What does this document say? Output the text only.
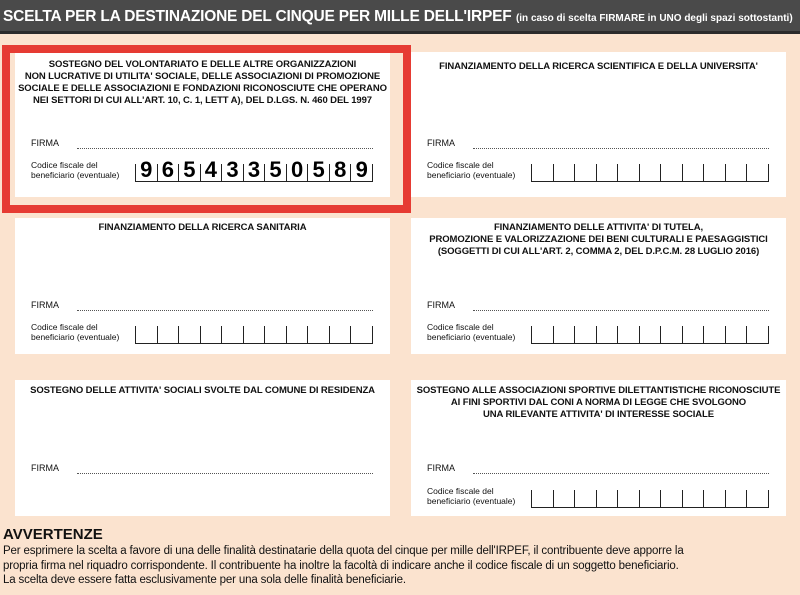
SCELTA PER LA DESTINAZIONE DEL CINQUE PER MILLE DELL'IRPEF (in caso di scelta FIRMARE in UNO degli spazi sottostanti)
SOSTEGNO DEL VOLONTARIATO E DELLE ALTRE ORGANIZZAZIONI
NON LUCRATIVE DI UTILITA' SOCIALE, DELLE ASSOCIAZIONI DI PROMOZIONE
SOCIALE E DELLE ASSOCIAZIONI E FONDAZIONI RICONOSCIUTE CHE OPERANO
NEI SETTORI DI CUI ALL'ART. 10, C. 1, LETT A), DEL D.LGS. N. 460 DEL 1997
FIRMA
Codice fiscale del
beneficiario (eventuale) 9 6 5 4 3 3 5 0 5 8 9
FINANZIAMENTO DELLA RICERCA SCIENTIFICA E DELLA UNIVERSITA'
FIRMA
Codice fiscale del
beneficiario (eventuale)
FINANZIAMENTO DELLA RICERCA SANITARIA
FIRMA
Codice fiscale del
beneficiario (eventuale)
FINANZIAMENTO DELLE ATTIVITA' DI TUTELA,
PROMOZIONE E VALORIZZAZIONE DEI BENI CULTURALI E PAESAGGISTICI
(SOGGETTI DI CUI ALL'ART. 2, COMMA 2, DEL D.P.C.M. 28 LUGLIO 2016)
FIRMA
Codice fiscale del
beneficiario (eventuale)
SOSTEGNO DELLE ATTIVITA' SOCIALI SVOLTE DAL COMUNE DI RESIDENZA
FIRMA
SOSTEGNO ALLE ASSOCIAZIONI SPORTIVE DILETTANTISTICHE RICONOSCIUTE
AI FINI SPORTIVI DAL CONI A NORMA DI LEGGE CHE SVOLGONO
UNA RILEVANTE ATTIVITA' DI INTERESSE SOCIALE
FIRMA
Codice fiscale del
beneficiario (eventuale)
AVVERTENZE
Per esprimere la scelta a favore di una delle finalità destinatarie della quota del cinque per mille dell'IRPEF, il contribuente deve apporre la
propria firma nel riquadro corrispondente. Il contribuente ha inoltre la facoltà di indicare anche il codice fiscale di un soggetto beneficiario.
La scelta deve essere fatta esclusivamente per una sola delle finalità beneficiarie.
